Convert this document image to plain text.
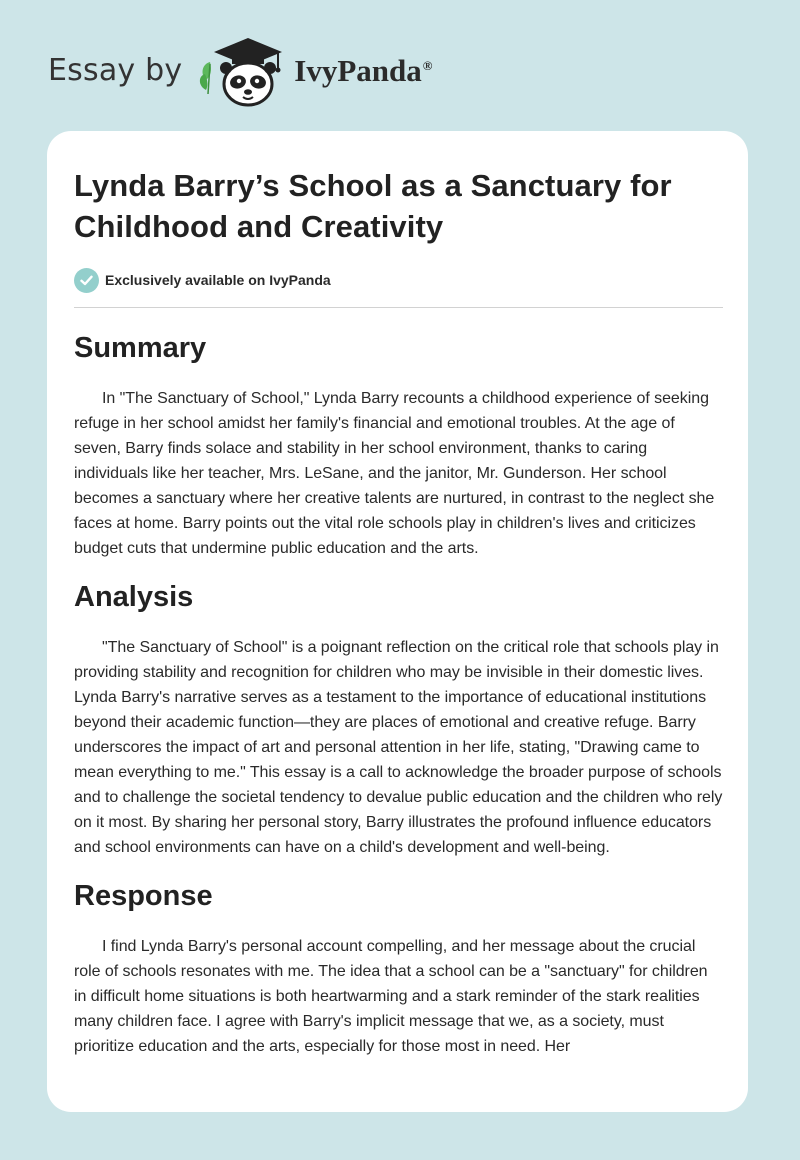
Essay by	IvyPanda®
Lynda Barry’s School as a Sanctuary for Childhood and Creativity
Exclusively available on IvyPanda
Summary

In "The Sanctuary of School," Lynda Barry recounts a childhood experience of seeking refuge in her school amidst her family's financial and emotional troubles. At the age of seven, Barry finds solace and stability in her school environment, thanks to caring individuals like her teacher, Mrs. LeSane, and the janitor, Mr. Gunderson. Her school becomes a sanctuary where her creative talents are nurtured, in contrast to the neglect she faces at home. Barry points out the vital role schools play in children's lives and criticizes budget cuts that undermine public education and the arts.

Analysis

"The Sanctuary of School" is a poignant reflection on the critical role that schools play in providing stability and recognition for children who may be invisible in their domestic lives. Lynda Barry's narrative serves as a testament to the importance of educational institutions beyond their academic function—they are places of emotional and creative refuge. Barry underscores the impact of art and personal attention in her life, stating, "Drawing came to mean everything to me." This essay is a call to acknowledge the broader purpose of schools and to challenge the societal tendency to devalue public education and the children who rely on it most. By sharing her personal story, Barry illustrates the profound influence educators and school environments can have on a child's development and well-being.

Response

I find Lynda Barry's personal account compelling, and her message about the crucial role of schools resonates with me. The idea that a school can be a "sanctuary" for children in difficult home situations is both heartwarming and a stark reminder of the stark realities many children face. I agree with Barry's implicit message that we, as a society, must prioritize education and the arts, especially for those most in need. Her
